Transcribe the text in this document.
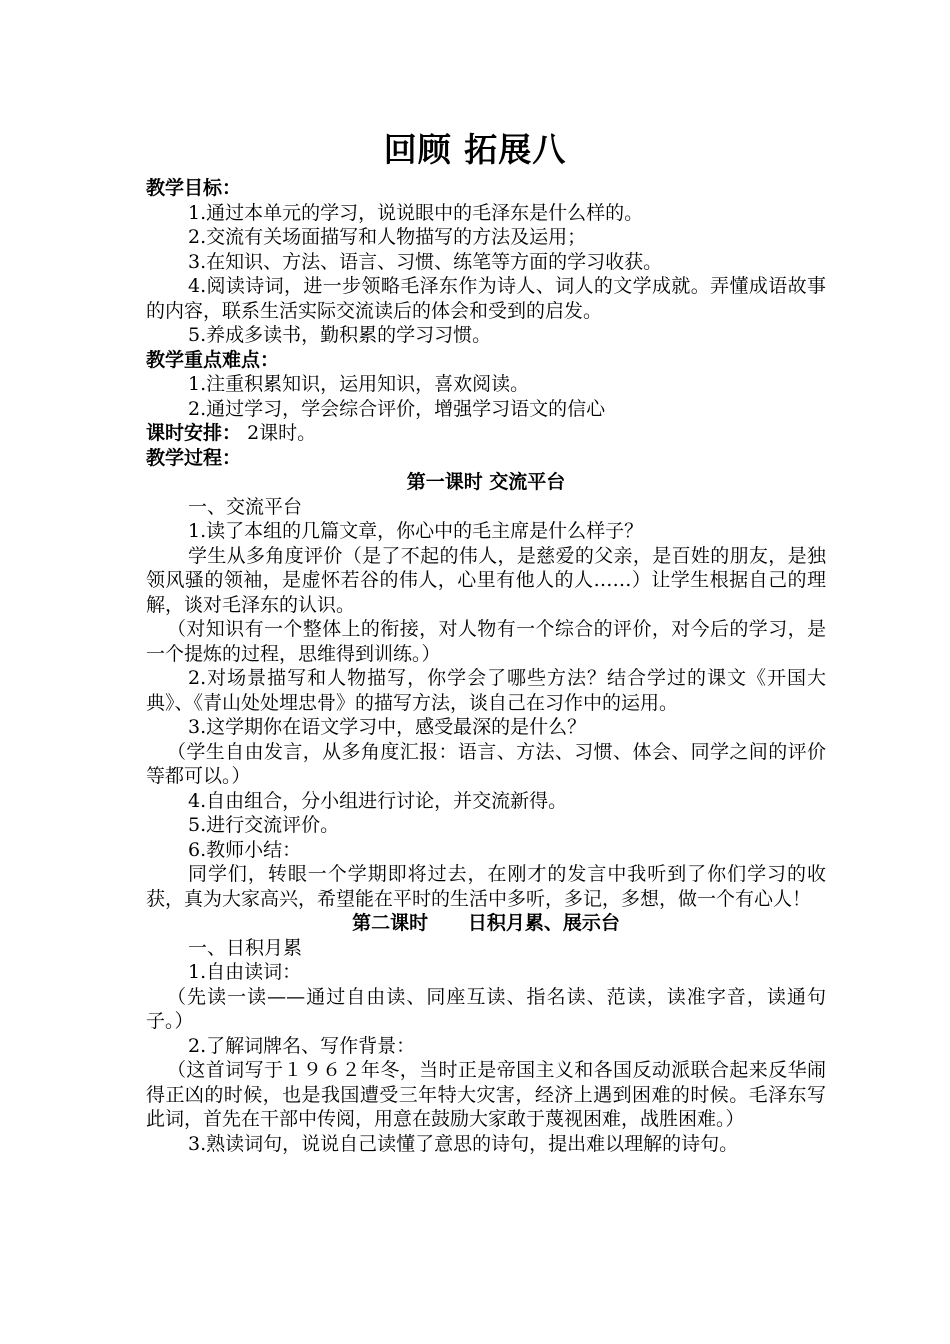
回顾 拓展八

教学目标：

1.通过本单元的学习，说说眼中的毛泽东是什么样的。

2.交流有关场面描写和人物描写的方法及运用；

3.在知识、方法、语言、习惯、练笔等方面的学习收获。

4.阅读诗词，进一步领略毛泽东作为诗人、词人的文学成就。弄懂成语故事的内容，联系生活实际交流读后的体会和受到的启发。

5.养成多读书，勤积累的学习习惯。

教学重点难点：

1.注重积累知识，运用知识，喜欢阅读。

2.通过学习，学会综合评价，增强学习语文的信心

课时安排： 2课时。

教学过程：

第一课时 交流平台

一、交流平台

1.读了本组的几篇文章，你心中的毛主席是什么样子？

学生从多角度评价（是了不起的伟人，是慈爱的父亲，是百姓的朋友，是独领风骚的领袖，是虚怀若谷的伟人，心里有他人的人……）让学生根据自己的理解，谈对毛泽东的认识。

（对知识有一个整体上的衔接，对人物有一个综合的评价，对今后的学习，是一个提炼的过程，思维得到训练。）

2.对场景描写和人物描写，你学会了哪些方法？结合学过的课文《开国大典》、《青山处处埋忠骨》的描写方法，谈自己在习作中的运用。

3.这学期你在语文学习中，感受最深的是什么？

（学生自由发言，从多角度汇报：语言、方法、习惯、体会、同学之间的评价等都可以。）

4.自由组合，分小组进行讨论，并交流新得。

5.进行交流评价。

6.教师小结：

同学们，转眼一个学期即将过去，在刚才的发言中我听到了你们学习的收获，真为大家高兴，希望能在平时的生活中多听，多记，多想，做一个有心人！

第二课时      日积月累、展示台

一、日积月累

1.自由读词：

（先读一读——通过自由读、同座互读、指名读、范读，读准字音，读通句子。）

2.了解词牌名、写作背景：

（这首词写于１９６２年冬，当时正是帝国主义和各国反动派联合起来反华闹得正凶的时候，也是我国遭受三年特大灾害，经济上遇到困难的时候。毛泽东写此词，首先在干部中传阅，用意在鼓励大家敢于蔑视困难，战胜困难。）

3.熟读词句，说说自己读懂了意思的诗句，提出难以理解的诗句。
